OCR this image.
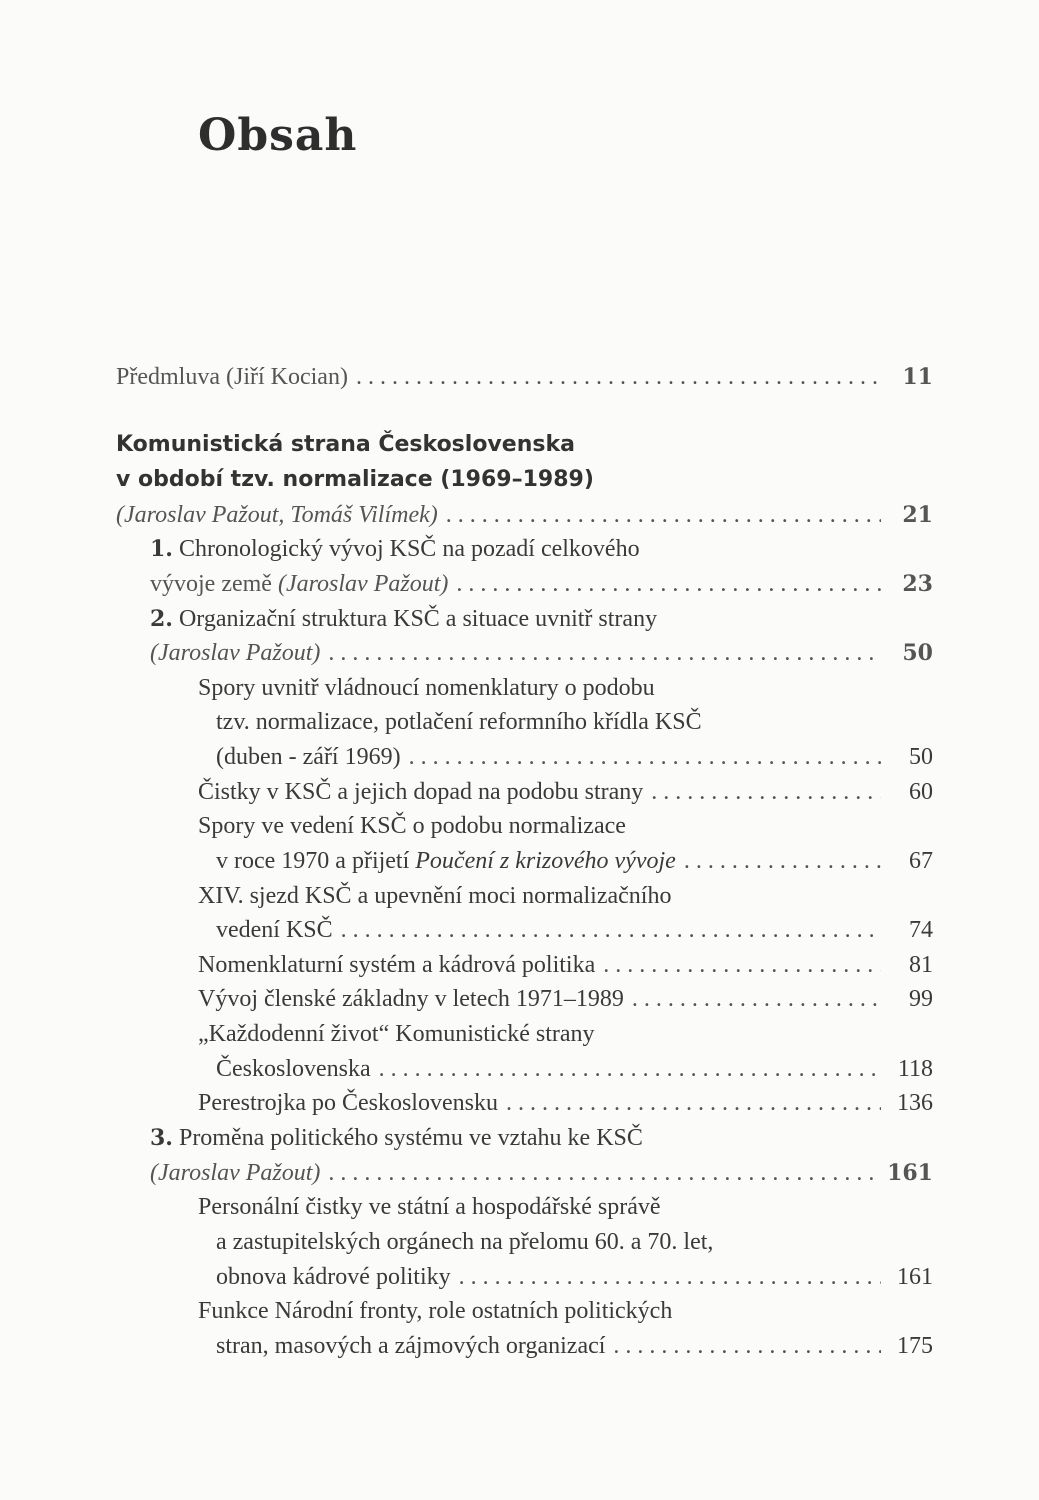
Obsah
Předmluva (Jiří Kocian) . . .	11
Komunistická strana Československa
v období tzv. normalizace (1969–1989)
(Jaroslav Pažout, Tomáš Vilímek) . . .	21
1. Chronologický vývoj KSČ na pozadí celkového
vývoje země (Jaroslav Pažout) . . .	23
2. Organizační struktura KSČ a situace uvnitř strany
(Jaroslav Pažout) . . .	50
Spory uvnitř vládnoucí nomenklatury o podobu
tzv. normalizace, potlačení reformního křídla KSČ
(duben - září 1969) . . .	50
Čistky v KSČ a jejich dopad na podobu strany . . .	60
Spory ve vedení KSČ o podobu normalizace
v roce 1970 a přijetí Poučení z krizového vývoje . . .	67
XIV. sjezd KSČ a upevnění moci normalizačního
vedení KSČ . . .	74
Nomenklaturní systém a kádrová politika . . .	81
Vývoj členské základny v letech 1971–1989 . . .	99
„Každodenní život“ Komunistické strany
Československa . . .	118
Perestrojka po Československu . . .	136
3. Proměna politického systému ve vztahu ke KSČ
(Jaroslav Pažout) . . .	161
Personální čistky ve státní a hospodářské správě
a zastupitelských orgánech na přelomu 60. a 70. let,
obnova kádrové politiky . . .	161
Funkce Národní fronty, role ostatních politických
stran, masových a zájmových organizací . . .	175
